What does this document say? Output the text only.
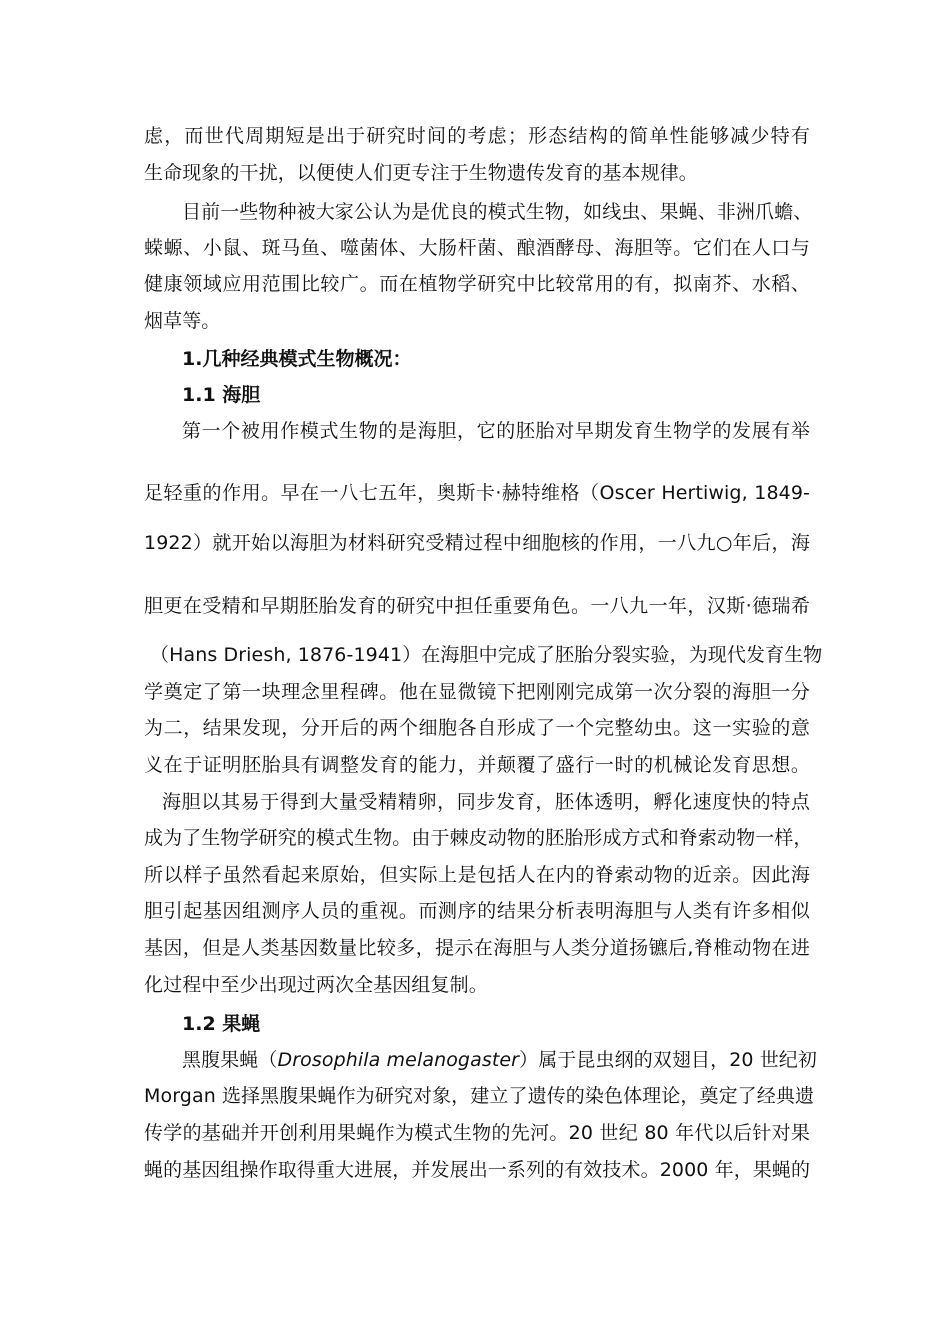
虑，而世代周期短是出于研究时间的考虑；形态结构的简单性能够减少特有
生命现象的干扰，以便使人们更专注于生物遗传发育的基本规律。
目前一些物种被大家公认为是优良的模式生物，如线虫、果蝇、非洲爪蟾、
蝾螈、小鼠、斑马鱼、噬菌体、大肠杆菌、酿酒酵母、海胆等。它们在人口与
健康领域应用范围比较广。而在植物学研究中比较常用的有，拟南芥、水稻、
烟草等。
1.几种经典模式生物概况：
1.1 海胆
第一个被用作模式生物的是海胆，它的胚胎对早期发育生物学的发展有举
足轻重的作用。早在一八七五年，奥斯卡·赫特维格（Oscer Hertiwig, 1849-
1922）就开始以海胆为材料研究受精过程中细胞核的作用，一八九○年后，海
胆更在受精和早期胚胎发育的研究中担任重要角色。一八九一年，汉斯·德瑞希
（Hans Driesh, 1876-1941）在海胆中完成了胚胎分裂实验，为现代发育生物
学奠定了第一块理念里程碑。他在显微镜下把刚刚完成第一次分裂的海胆一分
为二，结果发现，分开后的两个细胞各自形成了一个完整幼虫。这一实验的意
义在于证明胚胎具有调整发育的能力，并颠覆了盛行一时的机械论发育思想。
海胆以其易于得到大量受精精卵，同步发育，胚体透明，孵化速度快的特点
成为了生物学研究的模式生物。由于棘皮动物的胚胎形成方式和脊索动物一样，
所以样子虽然看起来原始，但实际上是包括人在内的脊索动物的近亲。因此海
胆引起基因组测序人员的重视。而测序的结果分析表明海胆与人类有许多相似
基因，但是人类基因数量比较多，提示在海胆与人类分道扬镳后,脊椎动物在进
化过程中至少出现过两次全基因组复制。
1.2 果蝇
黑腹果蝇（Drosophila melanogaster）属于昆虫纲的双翅目，20 世纪初
Morgan 选择黑腹果蝇作为研究对象，建立了遗传的染色体理论，奠定了经典遗
传学的基础并开创利用果蝇作为模式生物的先河。20 世纪 80 年代以后针对果
蝇的基因组操作取得重大进展，并发展出一系列的有效技术。2000 年，果蝇的
